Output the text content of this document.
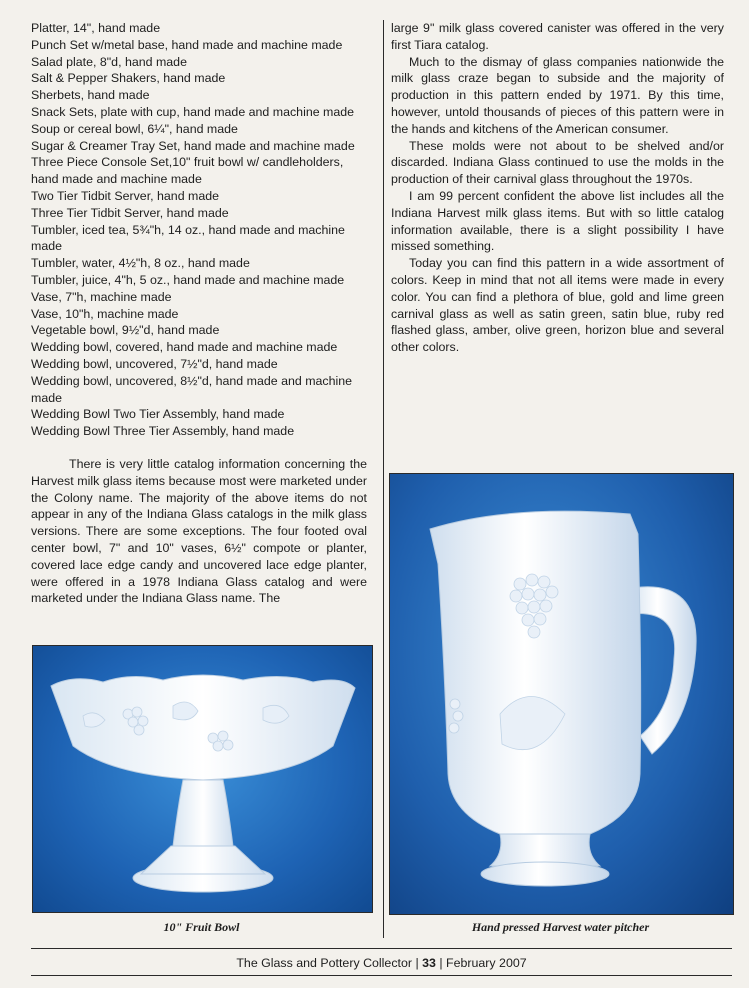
Platter, 14", hand made
Punch Set w/metal base, hand made and machine made
Salad plate, 8"d, hand made
Salt & Pepper Shakers, hand made
Sherbets, hand made
Snack Sets, plate with cup, hand made and machine made
Soup or cereal bowl, 6¼", hand made
Sugar & Creamer Tray Set, hand made and machine made
Three Piece Console Set,10" fruit bowl w/ candleholders, hand made and machine made
Two Tier Tidbit Server, hand made
Three Tier Tidbit Server, hand made
Tumbler, iced tea, 5¾"h, 14 oz., hand made and machine made
Tumbler, water, 4½"h, 8 oz., hand made
Tumbler, juice, 4"h, 5 oz., hand made and machine made
Vase, 7"h, machine made
Vase, 10"h, machine made
Vegetable bowl, 9½"d, hand made
Wedding bowl, covered, hand made and machine made
Wedding bowl, uncovered, 7½"d, hand made
Wedding bowl, uncovered, 8½"d, hand made and machine made
Wedding Bowl Two Tier Assembly, hand made
Wedding Bowl Three Tier Assembly, hand made

There is very little catalog information concerning the Harvest milk glass items because most were marketed under the Colony name. The majority of the above items do not appear in any of the Indiana Glass catalogs in the milk glass versions. There are some exceptions. The four footed oval center bowl, 7" and 10" vases, 6½" compote or planter, covered lace edge candy and uncovered lace edge planter, were offered in a 1978 Indiana Glass catalog and were marketed under the Indiana Glass name. The

large 9" milk glass covered canister was offered in the very first Tiara catalog.

Much to the dismay of glass companies nationwide the milk glass craze began to subside and the majority of production in this pattern ended by 1971. By this time, however, untold thousands of pieces of this pattern were in the hands and kitchens of the American consumer.

These molds were not about to be shelved and/or discarded. Indiana Glass continued to use the molds in the production of their carnival glass throughout the 1970s.

I am 99 percent confident the above list includes all the Indiana Harvest milk glass items. But with so little catalog information available, there is a slight possibility I have missed something.

Today you can find this pattern in a wide assortment of colors. Keep in mind that not all items were made in every color. You can find a plethora of blue, gold and lime green carnival glass as well as satin green, satin blue, ruby red flashed glass, amber, olive green, horizon blue and several other colors.

10" Fruit Bowl	Hand pressed Harvest water pitcher
The Glass and Pottery Collector | 33 | February 2007
